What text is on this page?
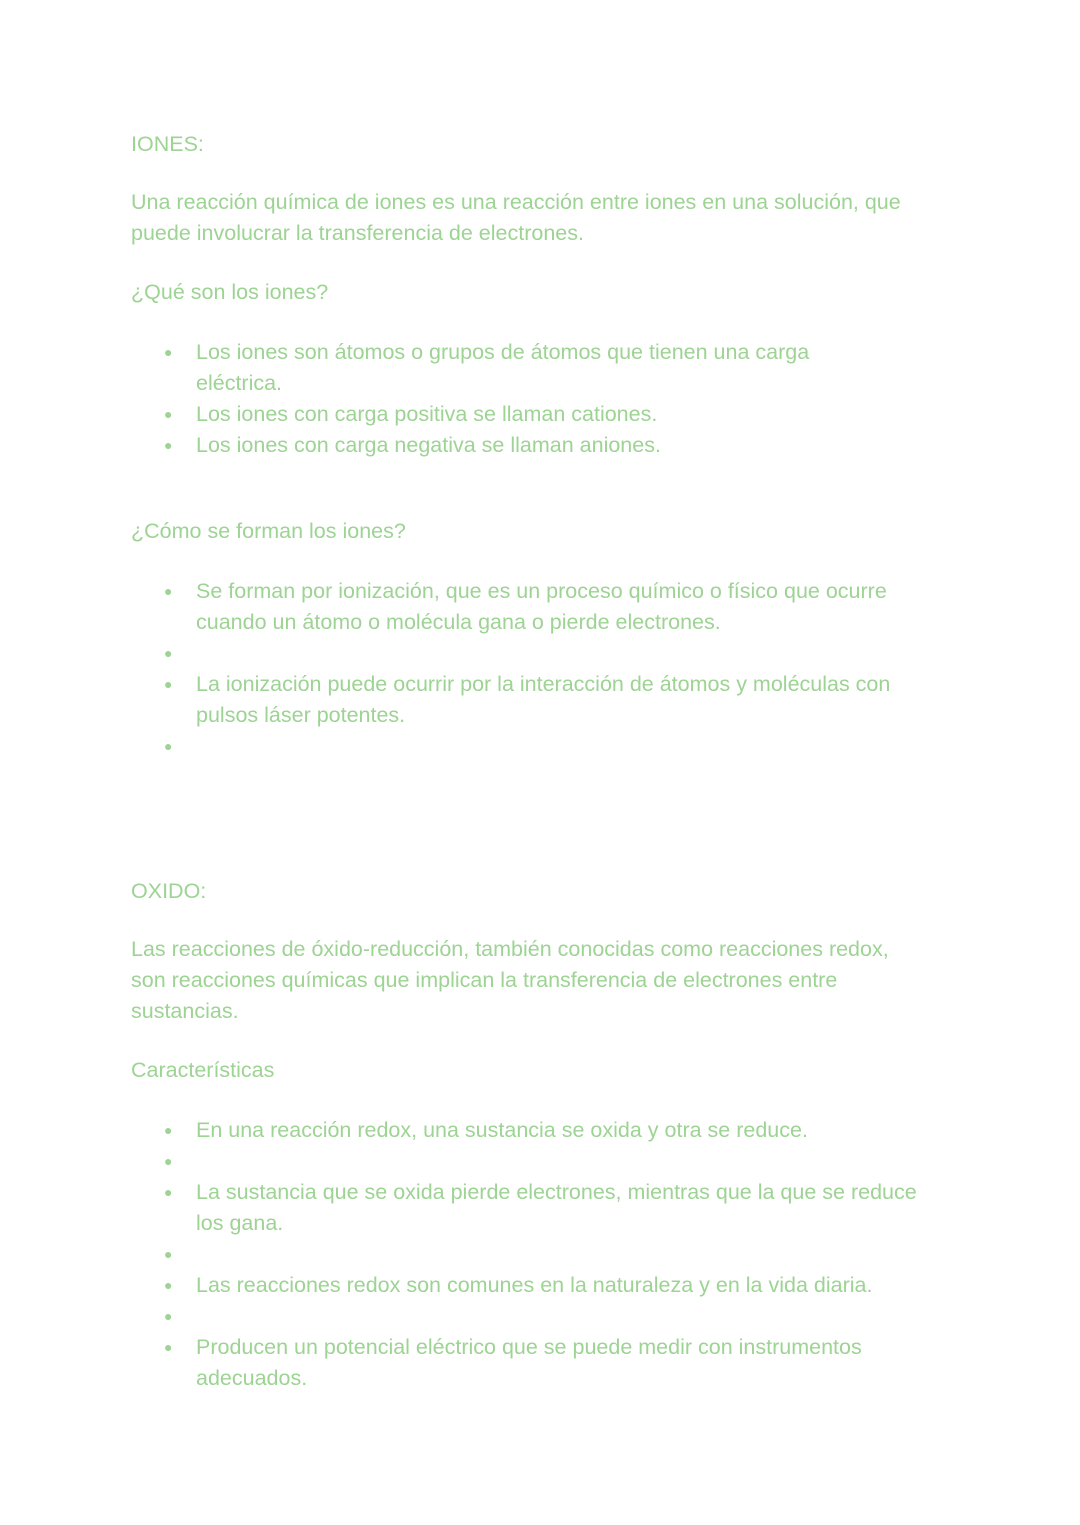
IONES:

Una reacción química de iones es una reacción entre iones en una solución, que puede involucrar la transferencia de electrones.

¿Qué son los iones?

● Los iones son átomos o grupos de átomos que tienen una carga eléctrica.
● Los iones con carga positiva se llaman cationes.
● Los iones con carga negativa se llaman aniones.

¿Cómo se forman los iones?

● Se forman por ionización, que es un proceso químico o físico que ocurre cuando un átomo o molécula gana o pierde electrones.
●
● La ionización puede ocurrir por la interacción de átomos y moléculas con pulsos láser potentes.
●

OXIDO:

Las reacciones de óxido-reducción, también conocidas como reacciones redox, son reacciones químicas que implican la transferencia de electrones entre sustancias.

Características

● En una reacción redox, una sustancia se oxida y otra se reduce.
●
● La sustancia que se oxida pierde electrones, mientras que la que se reduce los gana.
●
● Las reacciones redox son comunes en la naturaleza y en la vida diaria.
●
● Producen un potencial eléctrico que se puede medir con instrumentos adecuados.
